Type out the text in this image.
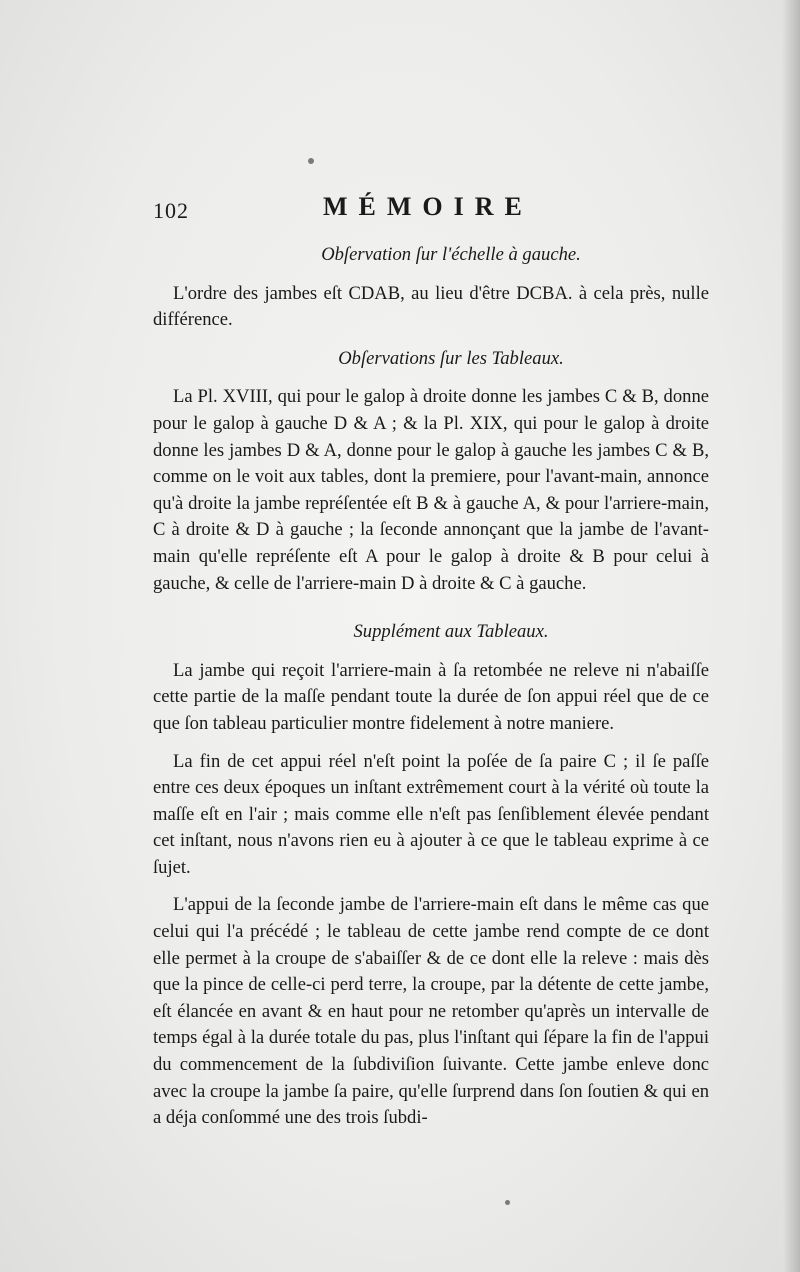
102	MÉMOIRE

Obſervation ſur l'échelle à gauche.

L'ordre des jambes eſt CDAB, au lieu d'être DCBA. à cela près, nulle différence.

Obſervations ſur les Tableaux.

La Pl. XVIII, qui pour le galop à droite donne les jambes C & B, donne pour le galop à gauche D & A ; & la Pl. XIX, qui pour le galop à droite donne les jambes D & A, donne pour le galop à gauche les jambes C & B, comme on le voit aux tables, dont la premiere, pour l'avant-main, annonce qu'à droite la jambe repréſentée eſt B & à gauche A, & pour l'arriere-main, C à droite & D à gauche ; la ſeconde annonçant que la jambe de l'avant-main qu'elle repréſente eſt A pour le galop à droite & B pour celui à gauche, & celle de l'arriere-main D à droite & C à gauche.

Supplément aux Tableaux.

La jambe qui reçoit l'arriere-main à ſa retombée ne releve ni n'abaiſſe cette partie de la maſſe pendant toute la durée de ſon appui réel que de ce que ſon tableau particulier montre fidelement à notre maniere.

La fin de cet appui réel n'eſt point la poſée de ſa paire C ; il ſe paſſe entre ces deux époques un inſtant extrêmement court à la vérité où toute la maſſe eſt en l'air ; mais comme elle n'eſt pas ſenſiblement élevée pendant cet inſtant, nous n'avons rien eu à ajouter à ce que le tableau exprime à ce ſujet.

L'appui de la ſeconde jambe de l'arriere-main eſt dans le même cas que celui qui l'a précédé ; le tableau de cette jambe rend compte de ce dont elle permet à la croupe de s'abaiſſer & de ce dont elle la releve : mais dès que la pince de celle-ci perd terre, la croupe, par la détente de cette jambe, eſt élancée en avant & en haut pour ne retomber qu'après un intervalle de temps égal à la durée totale du pas, plus l'inſtant qui ſépare la fin de l'appui du commencement de la ſubdiviſion ſuivante. Cette jambe enleve donc avec la croupe la jambe ſa paire, qu'elle ſurprend dans ſon ſoutien & qui en a déja conſommé une des trois ſubdi-
